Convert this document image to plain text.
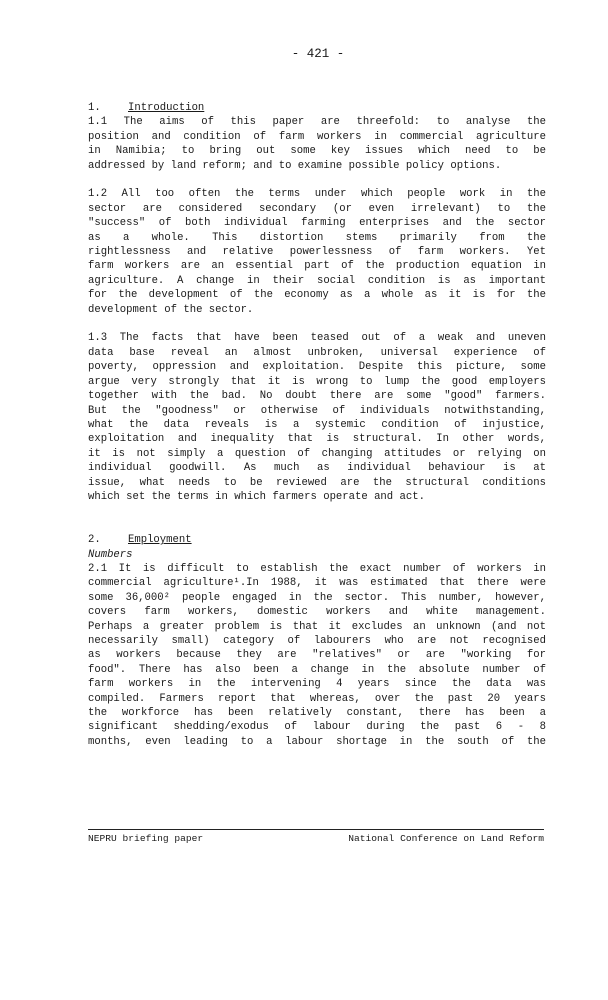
- 421 -

1.	Introduction

1.1 The aims of this paper are threefold: to analyse the
position and condition of farm workers in commercial agriculture
in Namibia; to bring out some key issues which need to be
addressed by land reform; and to examine possible policy options.
1.2 All too often the terms under which people work in the
sector are considered secondary (or even irrelevant) to the
"success" of both individual farming enterprises and the sector
as a whole. This distortion stems primarily from the
rightlessness and relative powerlessness of farm workers. Yet
farm workers are an essential part of the production equation in
agriculture. A change in their social condition is as important
for the development of the economy as a whole as it is for the
development of the sector.
1.3 The facts that have been teased out of a weak and uneven
data base reveal an almost unbroken, universal experience of
poverty, oppression and exploitation. Despite this picture, some
argue very strongly that it is wrong to lump the good employers
together with the bad. No doubt there are some "good" farmers.
But the "goodness" or otherwise of individuals notwithstanding,
what the data reveals is a systemic condition of injustice,
exploitation and inequality that is structural. In other words,
it is not simply a question of changing attitudes or relying on
individual goodwill. As much as individual behaviour is at
issue, what needs to be reviewed are the structural conditions
which set the terms in which farmers operate and act.

2.	Employment

Numbers

2.1 It is difficult to establish the exact number of workers in
commercial agriculture¹.In 1988, it was estimated that there were
some 36,000² people engaged in the sector. This number, however,
covers farm workers, domestic workers and white management.
Perhaps a greater problem is that it excludes an unknown (and not
necessarily small) category of labourers who are not recognised
as workers because they are "relatives" or are "working for
food". There has also been a change in the absolute number of
farm workers in the intervening 4 years since the data was
compiled. Farmers report that whereas, over the past 20 years
the workforce has been relatively constant, there has been a
significant shedding/exodus of labour during the past 6 - 8
months, even leading to a labour shortage in the south of the
NEPRU briefing paper	National Conference on Land Reform
